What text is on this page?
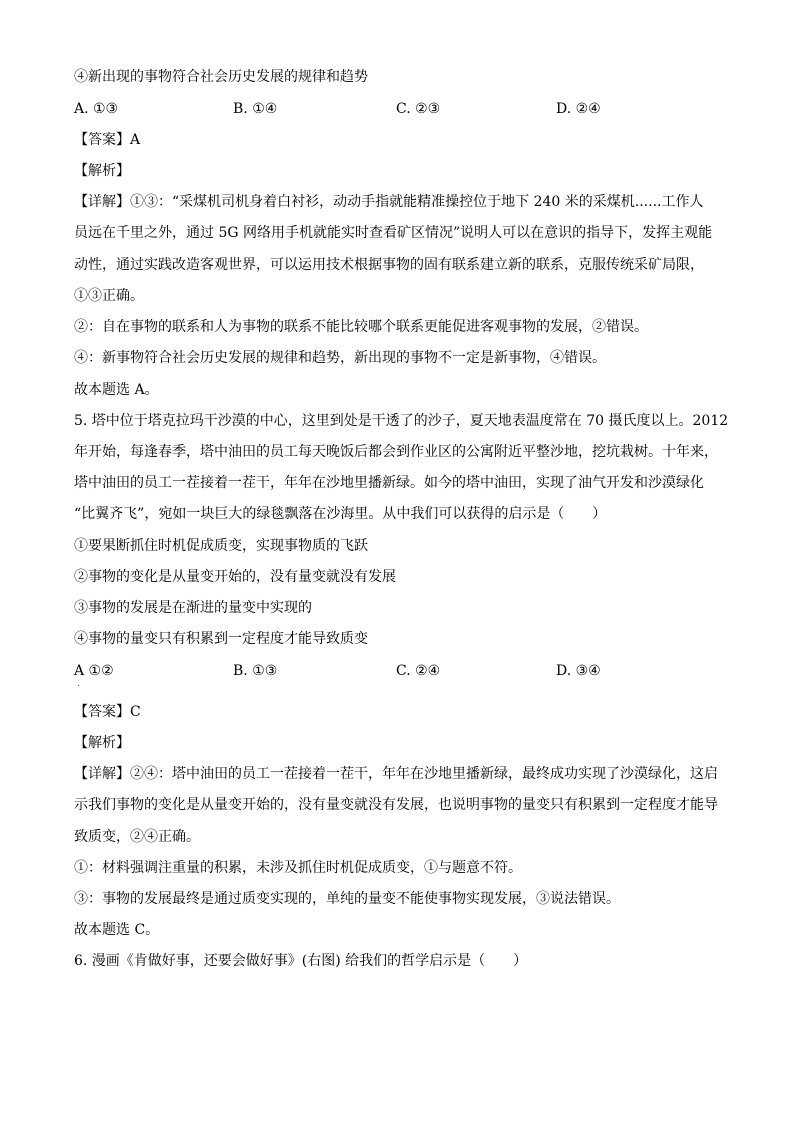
④新出现的事物符合社会历史发展的规律和趋势
A. ①③	B. ①④	C. ②③	D. ②④
【答案】A
【解析】
【详解】①③：“采煤机司机身着白衬衫，动动手指就能精准操控位于地下 240 米的采煤机......工作人
员远在千里之外，通过 5G 网络用手机就能实时查看矿区情况”说明人可以在意识的指导下，发挥主观能
动性，通过实践改造客观世界，可以运用技术根据事物的固有联系建立新的联系，克服传统采矿局限，
①③正确。
②：自在事物的联系和人为事物的联系不能比较哪个联系更能促进客观事物的发展，②错误。
④：新事物符合社会历史发展的规律和趋势，新出现的事物不一定是新事物，④错误。
故本题选 A。
5. 塔中位于塔克拉玛干沙漠的中心，这里到处是干透了的沙子，夏天地表温度常在 70 摄氏度以上。2012
年开始，每逢春季，塔中油田的员工每天晚饭后都会到作业区的公寓附近平整沙地，挖坑栽树。十年来，
塔中油田的员工一茬接着一茬干，年年在沙地里播新绿。如今的塔中油田，实现了油气开发和沙漠绿化
“比翼齐飞”，宛如一块巨大的绿毯飘落在沙海里。从中我们可以获得的启示是（　　）
①要果断抓住时机促成质变，实现事物质的飞跃
②事物的变化是从量变开始的，没有量变就没有发展
③事物的发展是在渐进的量变中实现的
④事物的量变只有积累到一定程度才能导致质变
A ①②	B. ①③	C. ②④	D. ③④
·
【答案】C
【解析】
【详解】②④：塔中油田的员工一茬接着一茬干，年年在沙地里播新绿，最终成功实现了沙漠绿化，这启
示我们事物的变化是从量变开始的，没有量变就没有发展，也说明事物的量变只有积累到一定程度才能导
致质变，②④正确。
①：材料强调注重量的积累，未涉及抓住时机促成质变，①与题意不符。
③：事物的发展最终是通过质变实现的，单纯的量变不能使事物实现发展，③说法错误。
故本题选 C。
6. 漫画《肯做好事，还要会做好事》(右图) 给我们的哲学启示是（　　）
